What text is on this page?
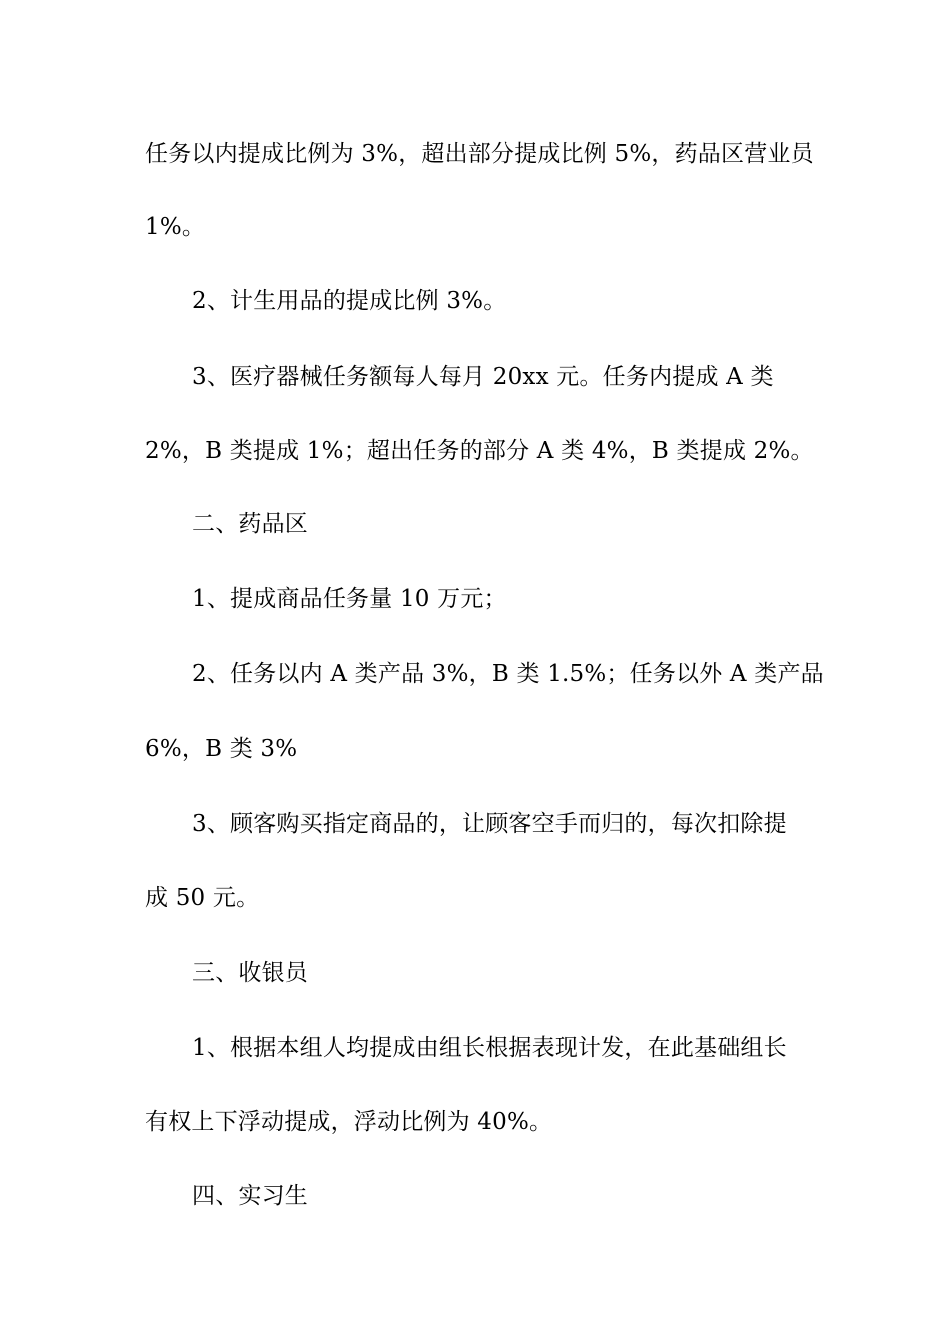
任务以内提成比例为 3%，超出部分提成比例 5%，药品区营业员
1%。
2、计生用品的提成比例 3%。
3、医疗器械任务额每人每月 20xx 元。任务内提成 A 类
2%，B 类提成 1%；超出任务的部分 A 类 4%，B 类提成 2%。
二、药品区
1、提成商品任务量 10 万元；
2、任务以内 A 类产品 3%，B 类 1.5%；任务以外 A 类产品
6%，B 类 3%
3、顾客购买指定商品的，让顾客空手而归的，每次扣除提
成 50 元。
三、收银员
1、根据本组人均提成由组长根据表现计发，在此基础组长
有权上下浮动提成，浮动比例为 40%。
四、实习生
